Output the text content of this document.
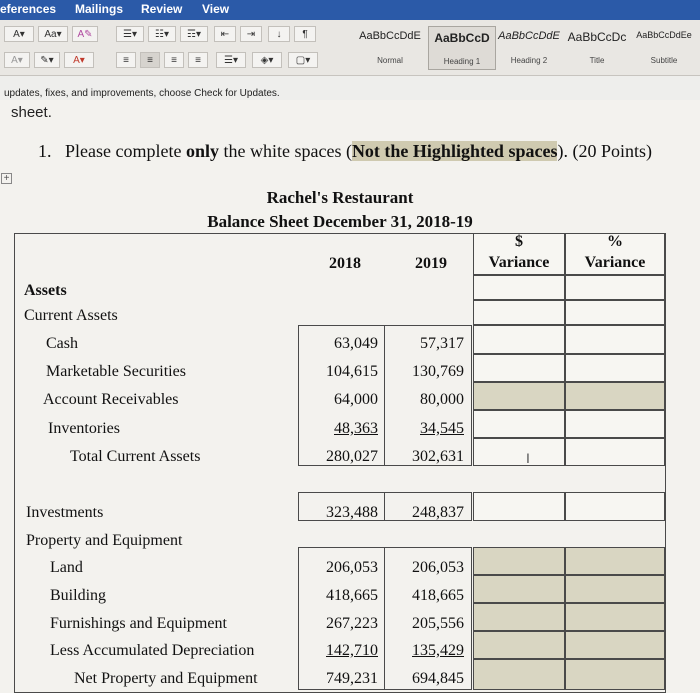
eferences Mailings Review View
A▾	Aa▾	A✎
A▾	✎▾	A▾
☰▾	☷▾	☶▾	⇤	⇥	↓	¶
≡	≡	≡	≡	☰▾	◈▾	▢▾
AaBbCcDdE
Normal
AaBbCcD
Heading 1
AaBbCcDdE
Heading 2
AaBbCcDc
Title
AaBbCcDdEe
Subtitle
updates, fixes, and improvements, choose Check for Updates.
sheet.
1. Please complete only the white spaces (Not the Highlighted spaces). (20 Points)
+
Rachel's Restaurant
Balance Sheet December 31, 2018-19
2018	2019
$
Variance
%
Variance
Assets
Current Assets
Cash
Marketable Securities
Account Receivables
Inventories
Total Current Assets
Investments
Property and Equipment
Land
Building
Furnishings and Equipment
Less Accumulated Depreciation
Net Property and Equipment
63,049
104,615
64,000
48,363
280,027
323,488
206,053
418,665
267,223
142,710
749,231
57,317
130,769
80,000
34,545
302,631
248,837
206,053
418,665
205,556
135,429
694,845
I
